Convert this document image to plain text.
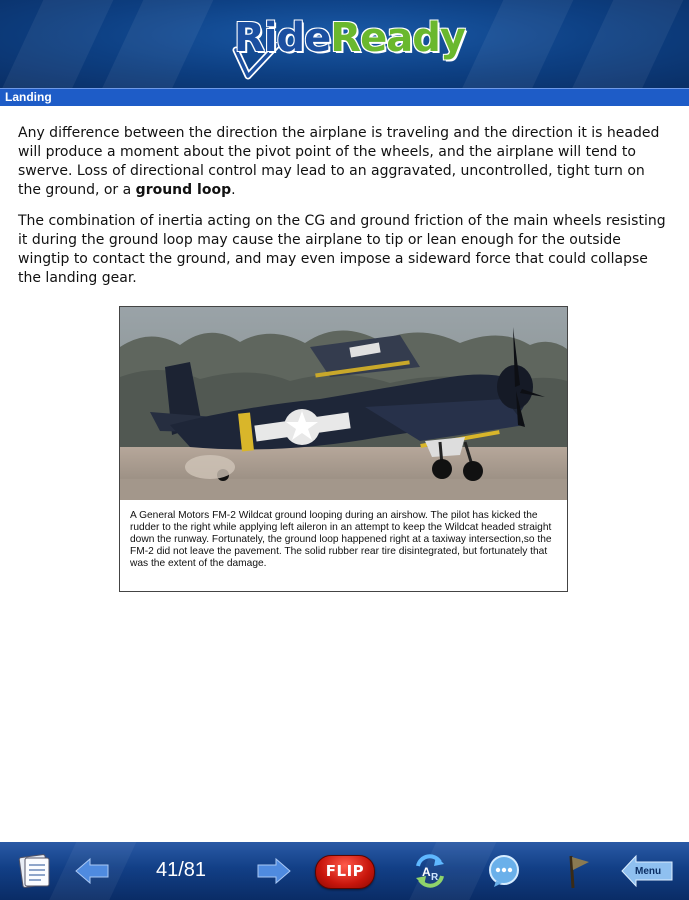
RideReady
Landing

Any difference between the direction the airplane is traveling and the direction it is headed will produce a moment about the pivot point of the wheels, and the airplane will tend to swerve. Loss of directional control may lead to an aggravated, uncontrolled, tight turn on the ground, or a ground loop.

The combination of inertia acting on the CG and ground friction of the main wheels resisting it during the ground loop may cause the airplane to tip or lean enough for the outside wingtip to contact the ground, and may even impose a sideward force that could collapse the landing gear.

A General Motors FM-2 Wildcat ground looping during an airshow. The pilot has kicked the rudder to the right while applying left aileron in an attempt to keep the Wildcat headed straight down the runway. Fortunately, the ground loop happened right at a taxiway intersection,so the FM-2 did not leave the pavement. The solid rubber rear tire disintegrated, but fortunately that was the extent of the damage.
41/81	FLIP	A R
Menu
